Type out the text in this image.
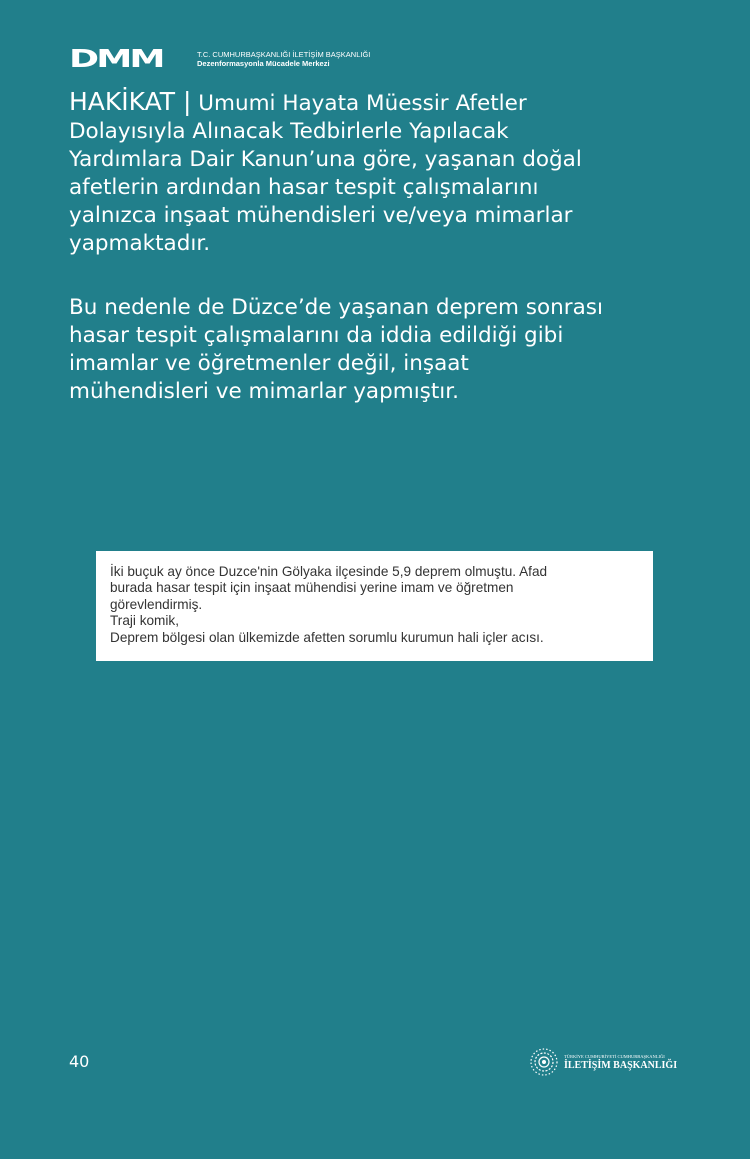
DMM	T.C. CUMHURBAŞKANLIĞI İLETİŞİM BAŞKANLIĞI
Dezenformasyonla Mücadele Merkezi

HAKİKAT | Umumi Hayata Müessir Afetler Dolayısıyla Alınacak Tedbirlerle Yapılacak Yardımlara Dair Kanun’una göre, yaşanan doğal afetlerin ardından hasar tespit çalışmalarını yalnızca inşaat mühendisleri ve/veya mimarlar yapmaktadır.

Bu nedenle de Düzce’de yaşanan deprem sonrası hasar tespit çalışmalarını da iddia edildiği gibi imamlar ve öğretmenler değil, inşaat mühendisleri ve mimarlar yapmıştır.

İki buçuk ay önce Duzce'nin Gölyaka ilçesinde 5,9 deprem olmuştu. Afad
burada hasar tespit için inşaat mühendisi yerine imam ve öğretmen
görevlendirmiş.
Traji komik,
Deprem bölgesi olan ülkemizde afetten sorumlu kurumun hali içler acısı.
40	TÜRKİYE CUMHURİYETİ CUMHURBAŞKANLIĞI
İLETİŞİM BAŞKANLIĞI
